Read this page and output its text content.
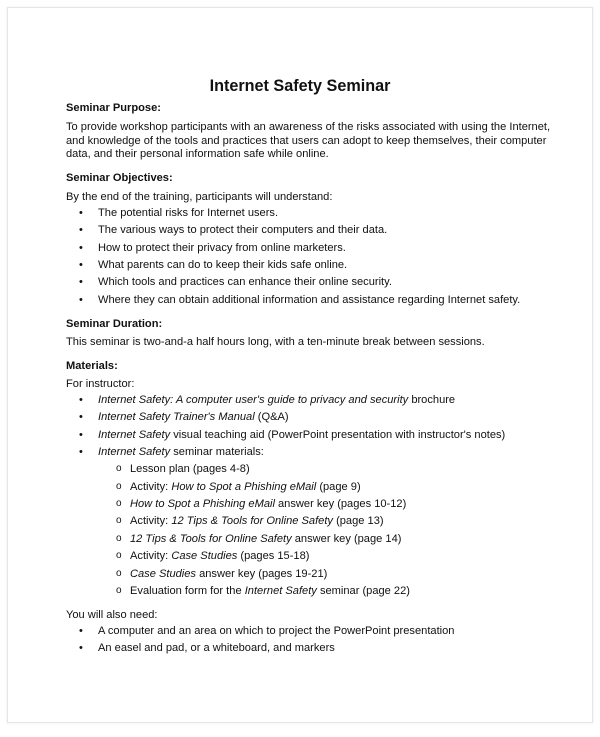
Internet Safety Seminar

Seminar Purpose:

To provide workshop participants with an awareness of the risks associated with using the Internet, and knowledge of the tools and practices that users can adopt to keep themselves, their computer data, and their personal information safe while online.

Seminar Objectives:

By the end of the training, participants will understand:

• The potential risks for Internet users.
• The various ways to protect their computers and their data.
• How to protect their privacy from online marketers.
• What parents can do to keep their kids safe online.
• Which tools and practices can enhance their online security.
• Where they can obtain additional information and assistance regarding Internet safety.

Seminar Duration:

This seminar is two-and-a half hours long, with a ten-minute break between sessions.

Materials:

For instructor:

• Internet Safety: A computer user's guide to privacy and security brochure
• Internet Safety Trainer's Manual (Q&A)
• Internet Safety visual teaching aid (PowerPoint presentation with instructor's notes)
• Internet Safety seminar materials:
o Lesson plan (pages 4-8)
o Activity: How to Spot a Phishing eMail (page 9)
o How to Spot a Phishing eMail answer key (pages 10-12)
o Activity: 12 Tips & Tools for Online Safety (page 13)
o 12 Tips & Tools for Online Safety answer key (page 14)
o Activity: Case Studies (pages 15-18)
o Case Studies answer key (pages 19-21)
o Evaluation form for the Internet Safety seminar (page 22)

You will also need:

• A computer and an area on which to project the PowerPoint presentation
• An easel and pad, or a whiteboard, and markers
